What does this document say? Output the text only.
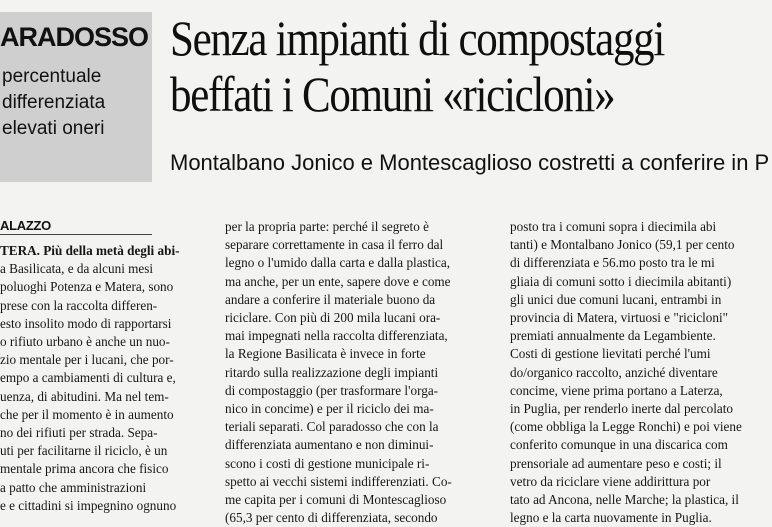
ARADOSSO
percentuale
differenziata
elevati oneri
Senza impianti di compostaggi
beffati i Comuni «ricicloni»
Montalbano Jonico e Montescaglioso costretti a conferire in P
ALAZZO
TERA. Più della metà degli abi-
a Basilicata, e da alcuni mesi
poluoghi Potenza e Matera, sono
prese con la raccolta differen-
esto insolito modo di rapportarsi
o rifiuto urbano è anche un nuo-
zio mentale per i lucani, che por-
empo a cambiamenti di cultura e,
uenza, di abitudini. Ma nel tem-
che per il momento è in aumento
no dei rifiuti per strada. Sepa-
uti per facilitarne il riciclo, è un
mentale prima ancora che fisico
a patto che amministrazioni
e e cittadini si impegnino ognuno
per la propria parte: perché il segreto è
separare correttamente in casa il ferro dal
legno o l'umido dalla carta e dalla plastica,
ma anche, per un ente, sapere dove e come
andare a conferire il materiale buono da
riciclare. Con più di 200 mila lucani ora-
mai impegnati nella raccolta differenziata,
la Regione Basilicata è invece in forte
ritardo sulla realizzazione degli impianti
di compostaggio (per trasformare l'orga-
nico in concime) e per il riciclo dei ma-
teriali separati. Col paradosso che con la
differenziata aumentano e non diminui-
scono i costi di gestione municipale ri-
spetto ai vecchi sistemi indifferenziati. Co-
me capita per i comuni di Montescaglioso
(65,3 per cento di differenziata, secondo
posto tra i comuni sopra i diecimila abi
tanti) e Montalbano Jonico (59,1 per cento
di differenziata e 56.mo posto tra le mi
gliaia di comuni sotto i diecimila abitanti)
gli unici due comuni lucani, entrambi in
provincia di Matera, virtuosi e "ricicloni"
premiati annualmente da Legambiente.
Costi di gestione lievitati perché l'umi
do/organico raccolto, anziché diventare
concime, viene prima portano a Laterza,
in Puglia, per renderlo inerte dal percolato
(come obbliga la Legge Ronchi) e poi viene
conferito comunque in una discarica com
prensoriale ad aumentare peso e costi; il
vetro da riciclare viene addirittura por
tato ad Ancona, nelle Marche; la plastica, il
legno e la carta nuovamente in Puglia.
